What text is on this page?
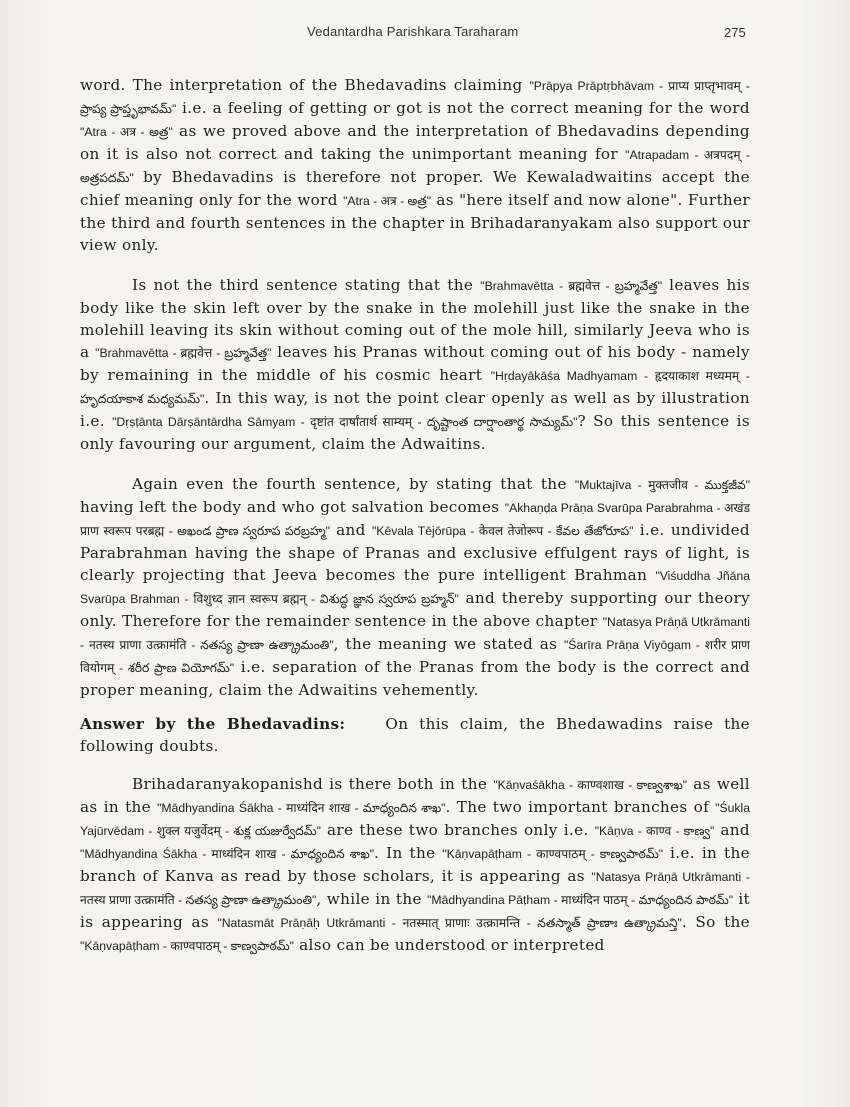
Vedantardha Parishkara Taraharam	275

word. The interpretation of the Bhedavadins claiming "Prāpya Prāptṛbhāvam - प्राप्य प्राप्तृभावम् - ప్రాప్య ప్రాప్తృభావమ్" i.e. a feeling of getting or got is not the correct meaning for the word "Atra - अत्र - అత్ర" as we proved above and the interpretation of Bhedavadins depending on it is also not correct and taking the unimportant meaning for "Atrapadam - अत्रपदम् - అత్రపదమ్" by Bhedavadins is therefore not proper. We Kewaladwaitins accept the chief meaning only for the word "Atra - अत्र - అత్ర" as "here itself and now alone". Further the third and fourth sentences in the chapter in Brihadaranyakam also support our view only.

Is not the third sentence stating that the "Brahmavētta - ब्रह्मवेत्त - బ్రహ్మవేత్త" leaves his body like the skin left over by the snake in the molehill just like the snake in the molehill leaving its skin without coming out of the mole hill, similarly Jeeva who is a "Brahmavētta - ब्रह्मवेत्त - బ్రహ్మవేత్త" leaves his Pranas without coming out of his body - namely by remaining in the middle of his cosmic heart "Hṛdayākāśa Madhyamam - हृदयाकाश मध्यमम् - హృదయాకాశ మధ్యమమ్". In this way, is not the point clear openly as well as by illustration i.e. "Dṛṣṭānta Dārṣāntārdha Sāmyam - दृष्टांत दार्षांतार्थ साम्यम् - దృష్టాంత దార్షాంతార్థ సామ్యమ్"? So this sentence is only favouring our argument, claim the Adwaitins.

Again even the fourth sentence, by stating that the "Muktajīva - मुक्तजीव - ముక్తజీవ" having left the body and who got salvation becomes "Akhaṇḍa Prāṇa Svarūpa Parabrahma - अखंड प्राण स्वरूप परब्रह्म - అఖండ ప్రాణ స్వరూప పరబ్రహ్మ" and "Kēvala Tējōrūpa - केवल तेजोरूप - కేవల తేజోరూప" i.e. undivided Parabrahman having the shape of Pranas and exclusive effulgent rays of light, is clearly projecting that Jeeva becomes the pure intelligent Brahman "Viśuddha Jñāna Svarūpa Brahman - विशुध्द ज्ञान स्वरूप ब्रह्मन् - విశుద్ధ జ్ఞాన స్వరూప బ్రహ్మన్" and thereby supporting our theory only. Therefore for the remainder sentence in the above chapter "Natasya Prāṇā Utkrāmanti - नतस्य प्राणा उत्क्रामंति - నతస్య ప్రాణా ఉత్క్రామంతి", the meaning we stated as "Śarīra Prāṇa Viyōgam - शरीर प्राण वियोगम् - శరీర ప్రాణ వియోగమ్" i.e. separation of the Pranas from the body is the correct and proper meaning, claim the Adwaitins vehemently.

Answer by the Bhedavadins:	On this claim, the Bhedawadins raise the following doubts.

Brihadaranyakopanishd is there both in the "Kāṇvaśākha - काण्वशाख - కాణ్వశాఖ" as well as in the "Mādhyandina Śākha - माध्यंदिन शाख - మాధ్యందిన శాఖ". The two important branches of "Śukla Yajūrvēdam - शुक्ल यजुर्वेदम् - శుక్ల యజుర్వేదమ్" are these two branches only i.e. "Kāṇva - काण्व - కాణ్వ" and "Mādhyandina Śākha - माध्यंदिन शाख - మాధ్యందిన శాఖ". In the "Kāṇvapāṭham - काण्वपाठम् - కాణ్వపాఠమ్" i.e. in the branch of Kanva as read by those scholars, it is appearing as "Natasya Prāṇā Utkrāmanti - नतस्य प्राणा उत्क्रामंति - నతస్య ప్రాణా ఉత్క్రామంతి", while in the "Mādhyandina Pāṭham - माध्यंदिन पाठम् - మాధ్యందిన పాఠమ్" it is appearing as "Natasmāt Prāṇāḥ Utkrāmanti - नतस्मात् प्राणाः उत्क्रामन्ति - నతస్మాత్ ప్రాణాః ఉత్క్రామన్తి". So the "Kāṇvapāṭham - काण्वपाठम् - కాణ్వపాఠమ్" also can be understood or interpreted
